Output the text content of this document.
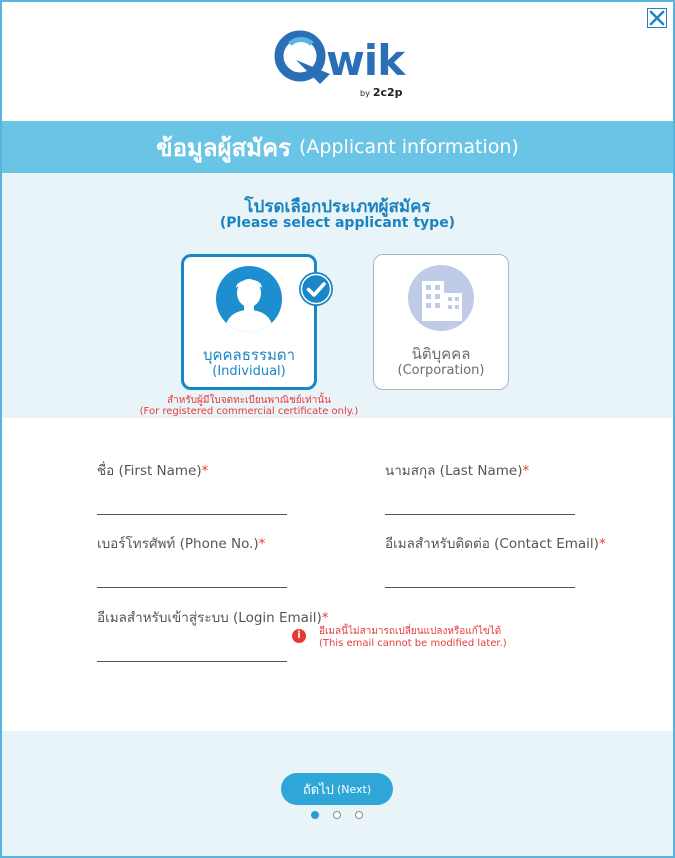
wik
by 2c2p
ข้อมูลผู้สมัคร (Applicant information)
โปรดเลือกประเภทผู้สมัคร
(Please select applicant type)
บุคคลธรรมดา
(Individual)
นิติบุคคล
(Corporation)
สำหรับผู้มีใบจดทะเบียนพาณิชย์เท่านั้น
(For registered commercial certificate only.)
ชื่อ (First Name)*	นามสกุล (Last Name)*
เบอร์โทรศัพท์ (Phone No.)*	อีเมลสำหรับติดต่อ (Contact Email)*
อีเมลสำหรับเข้าสู่ระบบ (Login Email)*
i	อีเมลนี้ไม่สามารถเปลี่ยนแปลงหรือแก้ไขได้
(This email cannot be modified later.)
ถัดไป (Next)
